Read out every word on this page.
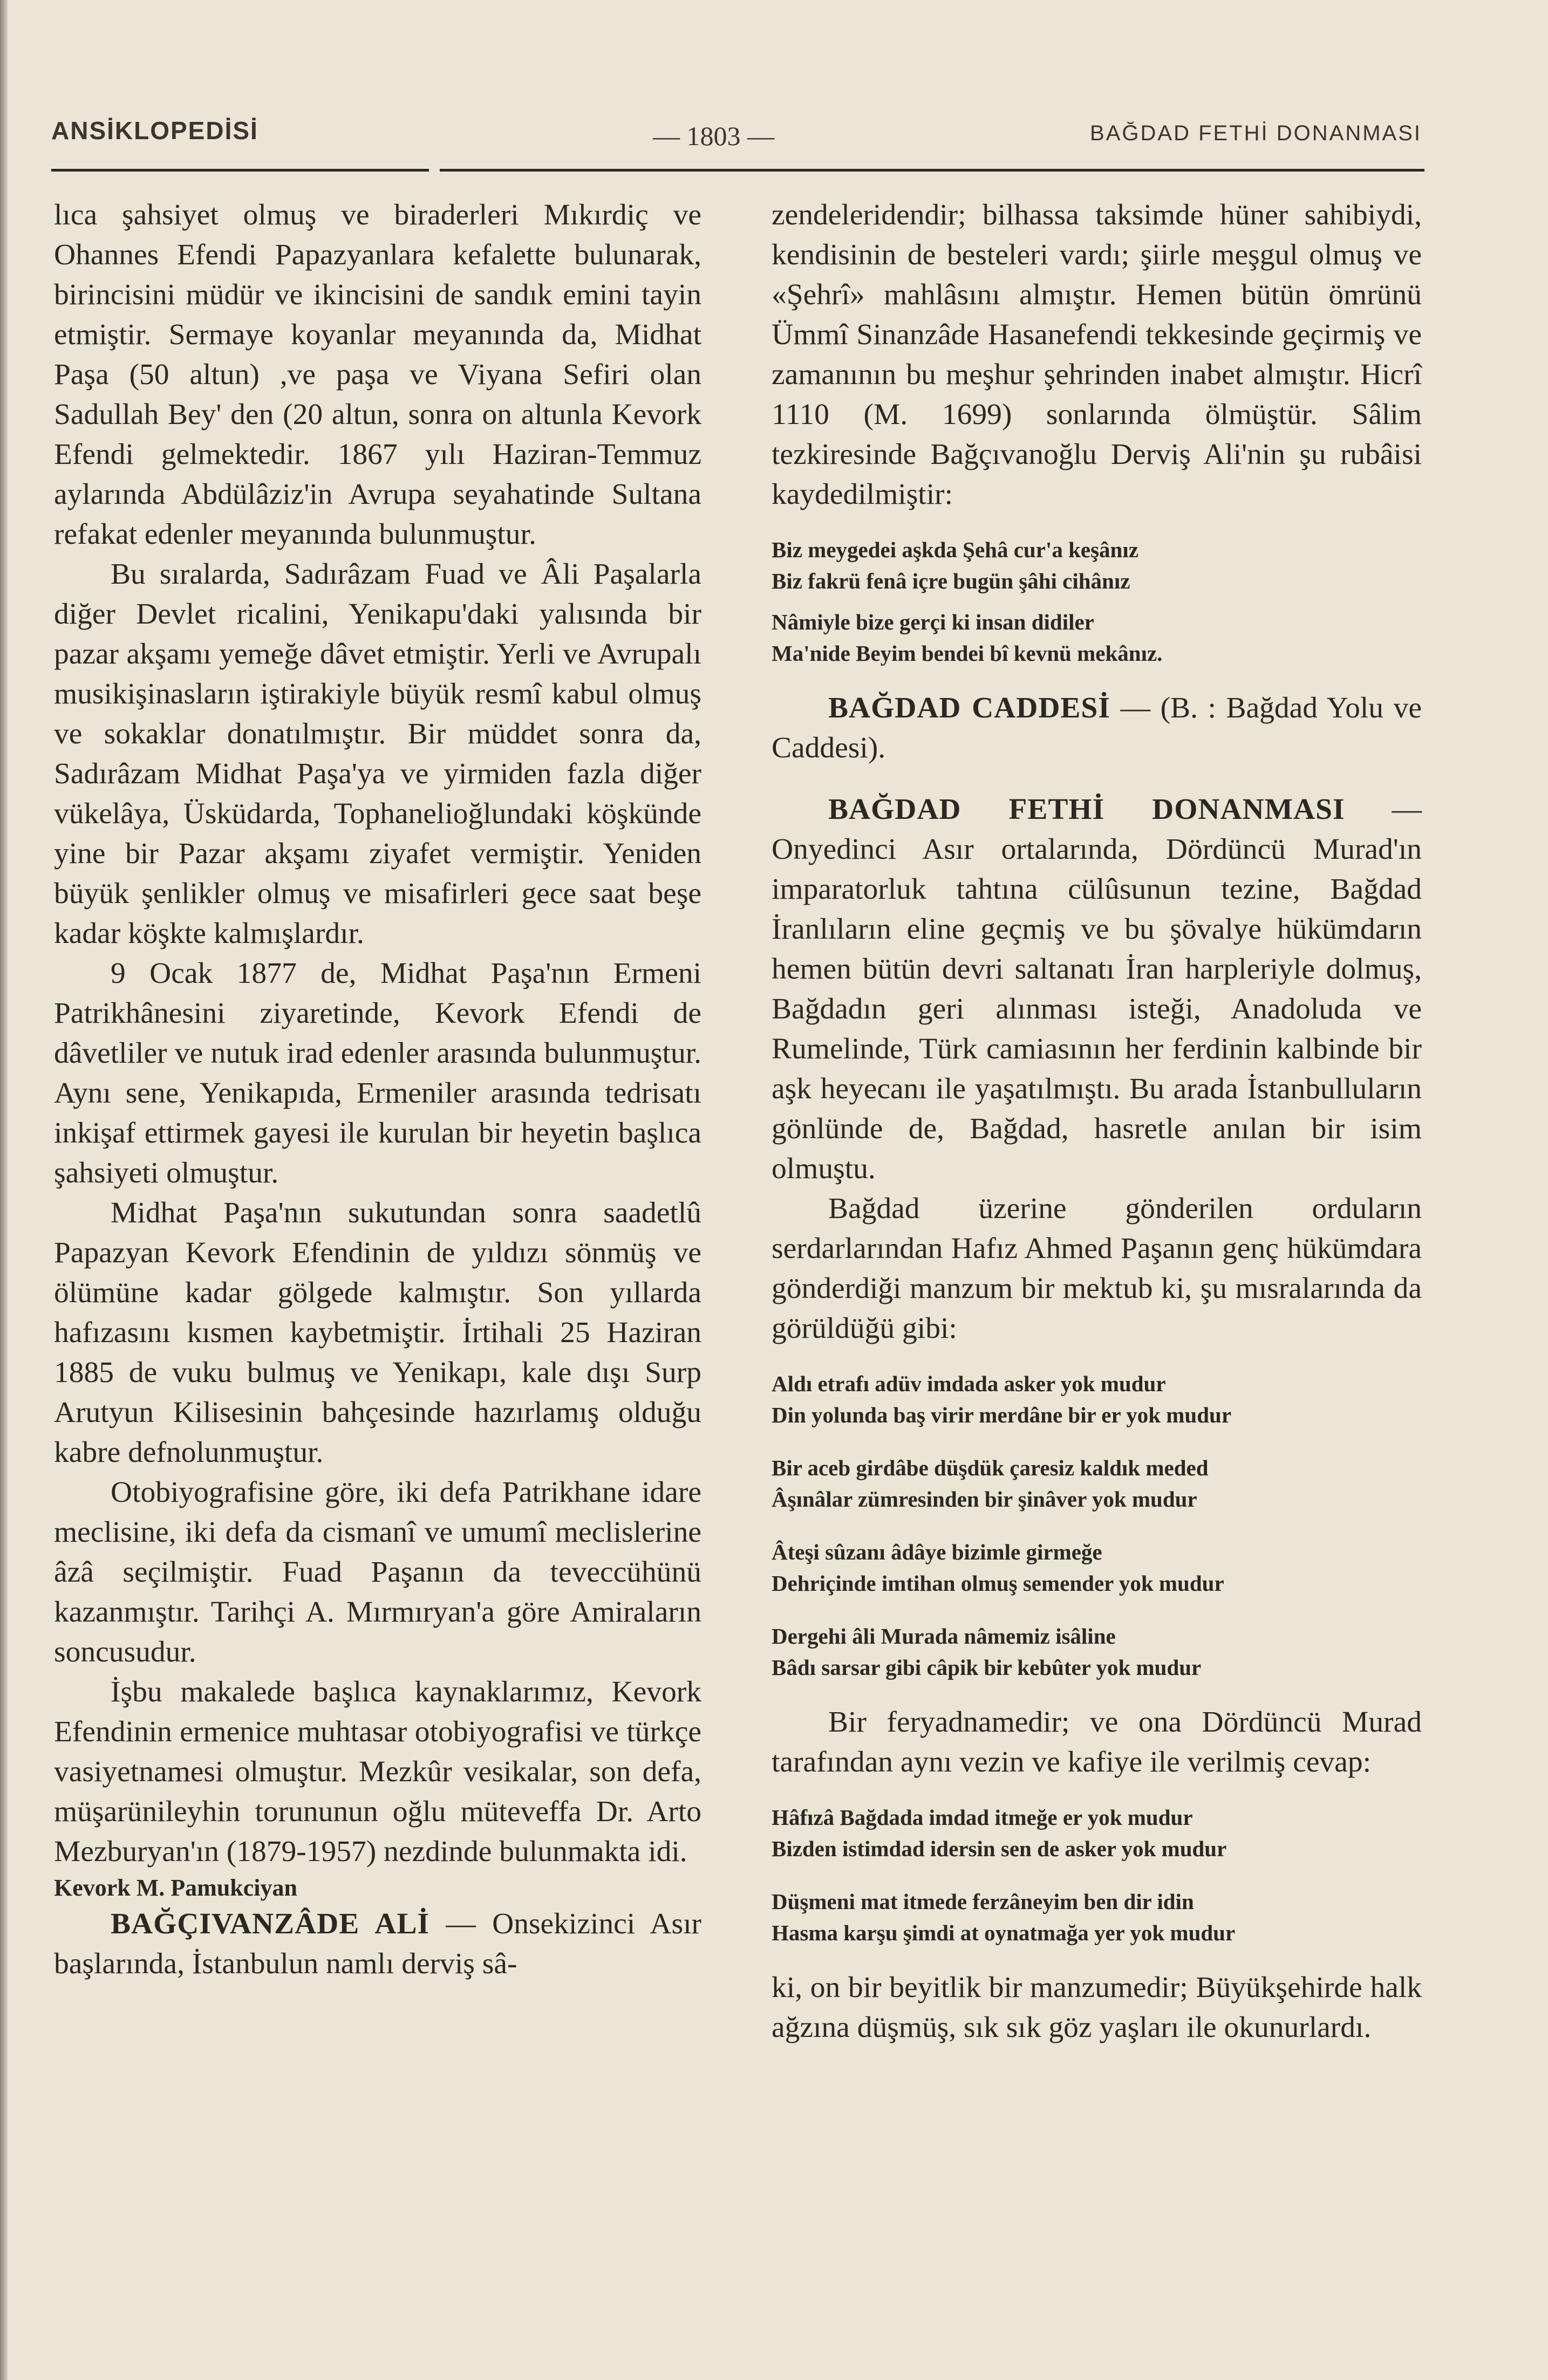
ANSİKLOPEDİSİ	— 1803 —	BAĞDAD FETHİ DONANMASI

lıca şahsiyet olmuş ve biraderleri Mıkırdiç ve Ohannes Efendi Papazyanlara kefalette bulunarak, birincisini müdür ve ikincisini de sandık emini tayin etmiştir. Sermaye koyanlar meyanında da, Midhat Paşa (50 altun) ,ve paşa ve Viyana Sefiri olan Sadullah Bey' den (20 altun, sonra on altunla Kevork Efendi gelmektedir. 1867 yılı Haziran-Temmuz aylarında Abdülâziz'in Avrupa seyahatinde Sultana refakat edenler meyanında bulunmuştur.

Bu sıralarda, Sadırâzam Fuad ve Âli Paşalarla diğer Devlet ricalini, Yenikapu'daki yalısında bir pazar akşamı yemeğe dâvet etmiştir. Yerli ve Avrupalı musikişinasların iştirakiyle büyük resmî kabul olmuş ve sokaklar donatılmıştır. Bir müddet sonra da, Sadırâzam Midhat Paşa'ya ve yirmiden fazla diğer vükelâya, Üsküdarda, Tophanelioğlundaki köşkünde yine bir Pazar akşamı ziyafet vermiştir. Yeniden büyük şenlikler olmuş ve misafirleri gece saat beşe kadar köşkte kalmışlardır.

9 Ocak 1877 de, Midhat Paşa'nın Ermeni Patrikhânesini ziyaretinde, Kevork Efendi de dâvetliler ve nutuk irad edenler arasında bulunmuştur. Aynı sene, Yenikapıda, Ermeniler arasında tedrisatı inkişaf ettirmek gayesi ile kurulan bir heyetin başlıca şahsiyeti olmuştur.

Midhat Paşa'nın sukutundan sonra saadetlû Papazyan Kevork Efendinin de yıldızı sönmüş ve ölümüne kadar gölgede kalmıştır. Son yıllarda hafızasını kısmen kaybetmiştir. İrtihali 25 Haziran 1885 de vuku bulmuş ve Yenikapı, kale dışı Surp Arutyun Kilisesinin bahçesinde hazırlamış olduğu kabre defnolunmuştur.

Otobiyografisine göre, iki defa Patrikhane idare meclisine, iki defa da cismanî ve umumî meclislerine âzâ seçilmiştir. Fuad Paşanın da teveccühünü kazanmıştır. Tarihçi A. Mırmıryan'a göre Amiraların soncusudur.

İşbu makalede başlıca kaynaklarımız, Kevork Efendinin ermenice muhtasar otobiyografisi ve türkçe vasiyetnamesi olmuştur. Mezkûr vesikalar, son defa, müşarünileyhin torununun oğlu müteveffa Dr. Arto Mezburyan'ın (1879-1957) nezdinde bulunmakta idi.

Kevork M. Pamukciyan

BAĞÇIVANZÂDE ALİ — Onsekizinci Asır başlarında, İstanbulun namlı derviş sâ-

zendeleridendir; bilhassa taksimde hüner sahibiydi, kendisinin de besteleri vardı; şiirle meşgul olmuş ve «Şehrî» mahlâsını almıştır. Hemen bütün ömrünü Ümmî Sinanzâde Hasanefendi tekkesinde geçirmiş ve zamanının bu meşhur şehrinden inabet almıştır. Hicrî 1110 (M. 1699) sonlarında ölmüştür. Sâlim tezkiresinde Bağçıvanoğlu Derviş Ali'nin şu rubâisi kaydedilmiştir:

Biz meygedei aşkda Şehâ cur'a keşânız
Biz fakrü fenâ içre bugün şâhi cihânız
Nâmiyle bize gerçi ki insan didiler
Ma'nide Beyim bendei bî kevnü mekânız.

BAĞDAD CADDESİ — (B. : Bağdad Yolu ve Caddesi).

BAĞDAD FETHİ DONANMASI — Onyedinci Asır ortalarında, Dördüncü Murad'ın imparatorluk tahtına cülûsunun tezine, Bağdad İranlıların eline geçmiş ve bu şövalye hükümdarın hemen bütün devri saltanatı İran harpleriyle dolmuş, Bağdadın geri alınması isteği, Anadoluda ve Rumelinde, Türk camiasının her ferdinin kalbinde bir aşk heyecanı ile yaşatılmıştı. Bu arada İstanbulluların gönlünde de, Bağdad, hasretle anılan bir isim olmuştu.

Bağdad üzerine gönderilen orduların serdarlarından Hafız Ahmed Paşanın genç hükümdara gönderdiği manzum bir mektub ki, şu mısralarında da görüldüğü gibi:

Aldı etrafı adüv imdada asker yok mudur
Din yolunda baş virir merdâne bir er yok mudur
Bir aceb girdâbe düşdük çaresiz kaldık meded
Âşınâlar zümresinden bir şinâver yok mudur
Âteşi sûzanı âdâye bizimle girmeğe
Dehriçinde imtihan olmuş semender yok mudur
Dergehi âli Murada nâmemiz isâline
Bâdı sarsar gibi câpik bir kebûter yok mudur

Bir feryadnamedir; ve ona Dördüncü Murad tarafından aynı vezin ve kafiye ile verilmiş cevap:

Hâfızâ Bağdada imdad itmeğe er yok mudur
Bizden istimdad idersin sen de asker yok mudur
Düşmeni mat itmede ferzâneyim ben dir idin
Hasma karşu şimdi at oynatmağa yer yok mudur

ki, on bir beyitlik bir manzumedir; Büyükşehirde halk ağzına düşmüş, sık sık göz yaşları ile okunurlardı.
